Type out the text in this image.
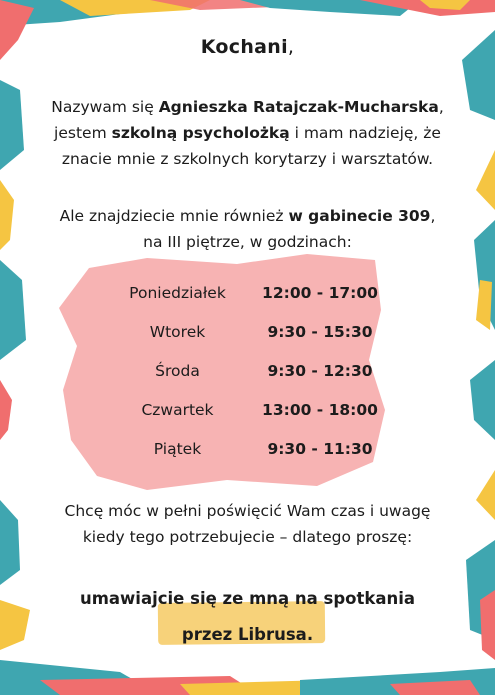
Kochani,
Nazywam się Agnieszka Ratajczak-Mucharska,
jestem szkolną psycholożką i mam nadzieję, że
znacie mnie z szkolnych korytarzy i warsztatów.
Ale znajdziecie mnie również w gabinecie 309,
na III piętrze, w godzinach:
Poniedziałek	12:00 - 17:00
Wtorek	9:30 - 15:30
Środa	9:30 - 12:30
Czwartek	13:00 - 18:00
Piątek	9:30 - 11:30
Chcę móc w pełni poświęcić Wam czas i uwagę
kiedy tego potrzebujecie – dlatego proszę:
umawiajcie się ze mną na spotkania
przez Librusa.
